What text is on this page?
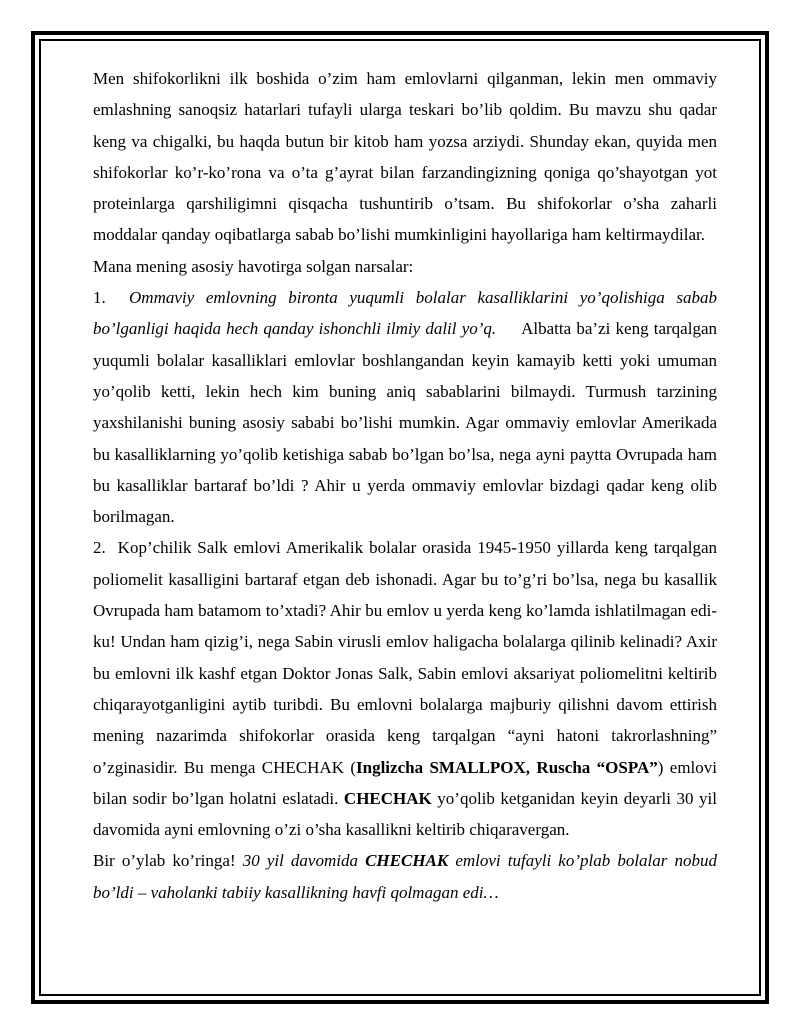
Men shifokorlikni ilk boshida o’zim ham emlovlarni qilganman, lekin men ommaviy emlashning sanoqsiz hatarlari tufayli ularga teskari bo’lib qoldim. Bu mavzu shu qadar keng va chigalki, bu haqda butun bir kitob ham yozsa arziydi. Shunday ekan, quyida men shifokorlar ko’r-ko’rona va o’ta g’ayrat bilan farzandingizning qoniga qo’shayotgan yot proteinlarga qarshiligimni qisqacha tushuntirib o’tsam. Bu shifokorlar o’sha zaharli moddalar qanday oqibatlarga sabab bo’lishi mumkinligini hayollariga ham keltirmaydilar.

Mana mening asosiy havotirga solgan narsalar:

1. Ommaviy emlovning bironta yuqumli bolalar kasalliklarini yo’qolishiga sabab bo’lganligi haqida hech qanday ishonchli ilmiy dalil yo’q. Albatta ba’zi keng tarqalgan yuqumli bolalar kasalliklari emlovlar boshlangandan keyin kamayib ketti yoki umuman yo’qolib ketti, lekin hech kim buning aniq sabablarini bilmaydi. Turmush tarzining yaxshilanishi buning asosiy sababi bo’lishi mumkin. Agar ommaviy emlovlar Amerikada bu kasalliklarning yo’qolib ketishiga sabab bo’lgan bo’lsa, nega ayni paytta Ovrupada ham bu kasalliklar bartaraf bo’ldi ? Ahir u yerda ommaviy emlovlar bizdagi qadar keng olib borilmagan.

2. Kop’chilik Salk emlovi Amerikalik bolalar orasida 1945-1950 yillarda keng tarqalgan poliomelit kasalligini bartaraf etgan deb ishonadi. Agar bu to’g’ri bo’lsa, nega bu kasallik Ovrupada ham batamom to’xtadi? Ahir bu emlov u yerda keng ko’lamda ishlatilmagan edi-ku! Undan ham qizig’i, nega Sabin virusli emlov haligacha bolalarga qilinib kelinadi? Axir bu emlovni ilk kashf etgan Doktor Jonas Salk, Sabin emlovi aksariyat poliomelitni keltirib chiqarayotganligini aytib turibdi. Bu emlovni bolalarga majburiy qilishni davom ettirish mening nazarimda shifokorlar orasida keng tarqalgan “ayni hatoni takrorlashning” o’zginasidir. Bu menga CHECHAK (Inglizcha SMALLPOX, Ruscha “OSPA”) emlovi bilan sodir bo’lgan holatni eslatadi. CHECHAK yo’qolib ketganidan keyin deyarli 30 yil davomida ayni emlovning o’zi o’sha kasallikni keltirib chiqaravergan.

Bir o’ylab ko’ringa! 30 yil davomida CHECHAK emlovi tufayli ko’plab bolalar nobud bo’ldi – vaholanki tabiiy kasallikning havfi qolmagan edi…
